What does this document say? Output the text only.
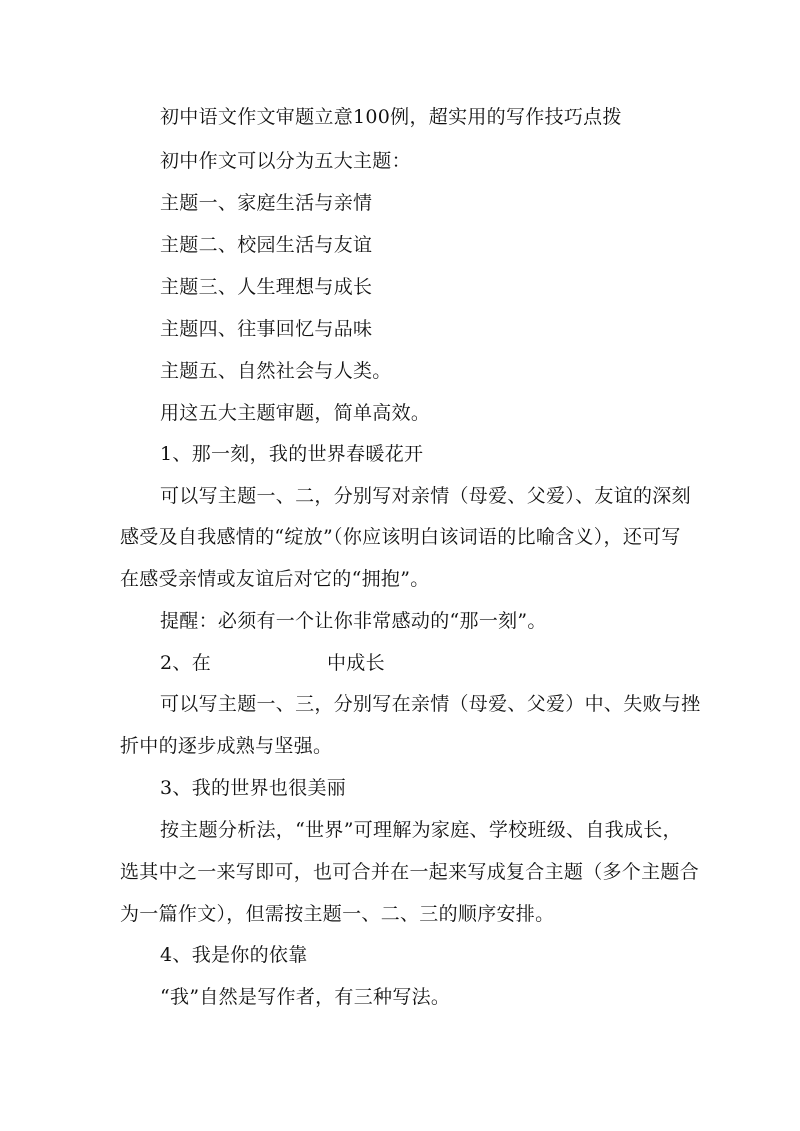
初中语文作文审题立意100例，超实用的写作技巧点拨
初中作文可以分为五大主题：
主题一、家庭生活与亲情
主题二、校园生活与友谊
主题三、人生理想与成长
主题四、往事回忆与品味
主题五、自然社会与人类。
用这五大主题审题，简单高效。
1、那一刻，我的世界春暖花开
可以写主题一、二，分别写对亲情（母爱、父爱）、友谊的深刻
感受及自我感情的“绽放”（你应该明白该词语的比喻含义），还可写
在感受亲情或友谊后对它的“拥抱”。
提醒：必须有一个让你非常感动的“那一刻”。
2、在	中成长
可以写主题一、三，分别写在亲情（母爱、父爱）中、失败与挫
折中的逐步成熟与坚强。
3、我的世界也很美丽
按主题分析法，“世界”可理解为家庭、学校班级、自我成长，
选其中之一来写即可，也可合并在一起来写成复合主题（多个主题合
为一篇作文），但需按主题一、二、三的顺序安排。
4、我是你的依靠
“我”自然是写作者，有三种写法。
